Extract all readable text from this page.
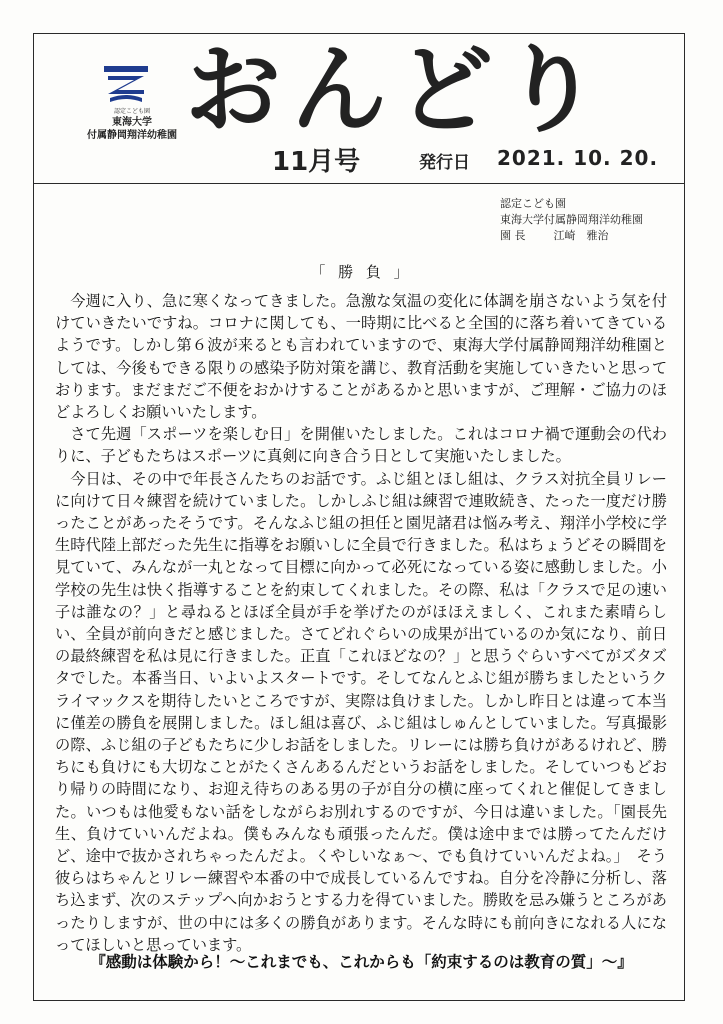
認定こども園
東海大学
付属静岡翔洋幼稚園 おんどり
11月号	発行日 2021. 10. 20.
認定こども園
東海大学付属静岡翔洋幼稚園
園 長	江崎　雅治
「 勝 負 」

今週に入り、急に寒くなってきました。急激な気温の変化に体調を崩さないよう気を付けていきたいですね。コロナに関しても、一時期に比べると全国的に落ち着いてきているようです。しかし第６波が来るとも言われていますので、東海大学付属静岡翔洋幼稚園としては、今後もできる限りの感染予防対策を講じ、教育活動を実施していきたいと思っております。まだまだご不便をおかけすることがあるかと思いますが、ご理解・ご協力のほどよろしくお願いいたします。

さて先週「スポーツを楽しむ日」を開催いたしました。これはコロナ禍で運動会の代わりに、子どもたちはスポーツに真剣に向き合う日として実施いたしました。

今日は、その中で年長さんたちのお話です。ふじ組とほし組は、クラス対抗全員リレーに向けて日々練習を続けていました。しかしふじ組は練習で連敗続き、たった一度だけ勝ったことがあったそうです。そんなふじ組の担任と園児諸君は悩み考え、翔洋小学校に学生時代陸上部だった先生に指導をお願いしに全員で行きました。私はちょうどその瞬間を見ていて、みんなが一丸となって目標に向かって必死になっている姿に感動しました。小学校の先生は快く指導することを約束してくれました。その際、私は「クラスで足の速い子は誰なの？」と尋ねるとほぼ全員が手を挙げたのがほほえましく、これまた素晴らしい、全員が前向きだと感じました。さてどれぐらいの成果が出ているのか気になり、前日の最終練習を私は見に行きました。正直「これほどなの？」と思うぐらいすべてがズタズタでした。本番当日、いよいよスタートです。そしてなんとふじ組が勝ちましたというクライマックスを期待したいところですが、実際は負けました。しかし昨日とは違って本当に僅差の勝負を展開しました。ほし組は喜び、ふじ組はしゅんとしていました。写真撮影の際、ふじ組の子どもたちに少しお話をしました。リレーには勝ち負けがあるけれど、勝ちにも負けにも大切なことがたくさんあるんだというお話をしました。そしていつもどおり帰りの時間になり、お迎え待ちのある男の子が自分の横に座ってくれと催促してきました。いつもは他愛もない話をしながらお別れするのですが、今日は違いました。「園長先生、負けていいんだよね。僕もみんなも頑張ったんだ。僕は途中までは勝ってたんだけど、途中で抜かされちゃったんだよ。くやしいなぁ～、でも負けていいんだよね。」　そう彼らはちゃんとリレー練習や本番の中で成長しているんですね。自分を冷静に分析し、落ち込まず、次のステップへ向かおうとする力を得ていました。勝敗を忌み嫌うところがあったりしますが、世の中には多くの勝負があります。そんな時にも前向きになれる人になってほしいと思っています。

『感動は体験から！～これまでも、これからも「約束するのは教育の質」～』
